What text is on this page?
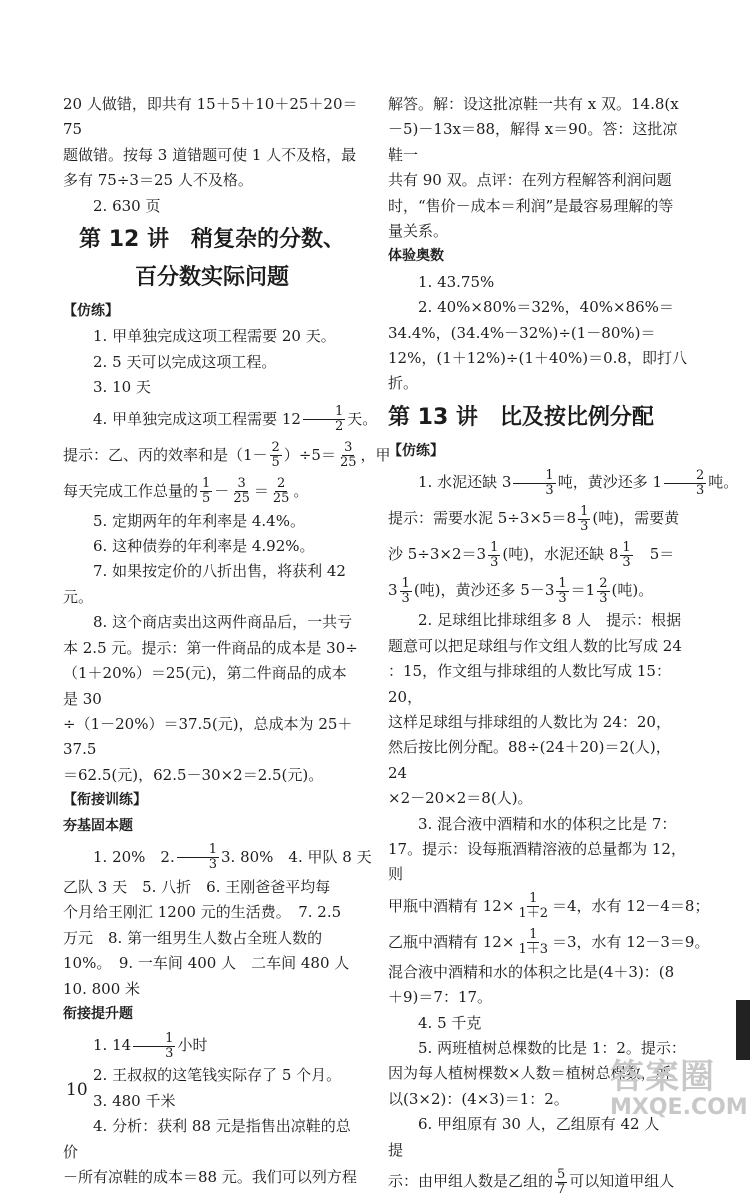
20 人做错，即共有 15＋5＋10＋25＋20＝75

题做错。按每 3 道错题可使 1 人不及格，最

多有 75÷3＝25 人不及格。

2. 630 页

第 12 讲　稍复杂的分数、
百分数实际问题

【仿练】

1. 甲单独完成这项工程需要 20 天。

2. 5 天可以完成这项工程。

3. 10 天

4. 甲单独完成这项工程需要 $12 \frac{1}{2}$ 天。

提示：乙、丙的效率和是$(1- \frac{2}{5} )\div 5= \frac{3}{25}$ ，甲

每天完成工作总量的 $\frac{1}{5} - \frac{3}{25} = \frac{2}{25}$ 。

5. 定期两年的年利率是 4.4%。

6. 这种债券的年利率是 4.92%。

7. 如果按定价的八折出售，将获利 42

元。

8. 这个商店卖出这两件商品后，一共亏

本 2.5 元。提示：第一件商品的成本是 30÷

（1＋20%）＝25(元)，第二件商品的成本是 30

÷（1－20%）＝37.5(元)，总成本为 25＋37.5

＝62.5(元)，62.5－30×2＝2.5(元)。

【衔接训练】

夯基固本题

1. 20%　2. $\frac{1}{3} 3$. 80%　4. 甲队 8 天

乙队 3 天　5. 八折　6. 王刚爸爸平均每

个月给王刚汇 1200 元的生活费。　7. 2.5

万元　8. 第一组男生人数占全班人数的

10%。　9. 一车间 400 人　二车间 480 人

10. 800 米

衔接提升题

1. $14 \frac{1}{3}$ 小时

2. 王叔叔的这笔钱实际存了 5 个月。

3. 480 千米

4. 分析：获利 88 元是指售出凉鞋的总价

－所有凉鞋的成本＝88 元。我们可以列方程

解答。解：设这批凉鞋一共有 x 双。14.8(x

－5)－13x＝88，解得 x＝90。答：这批凉鞋一

共有 90 双。点评：在列方程解答利润问题

时，“售价－成本＝利润”是最容易理解的等

量关系。

体验奥数

1. 43.75%

2. 40%×80%＝32%，40%×86%＝

34.4%，(34.4%－32%)÷(1－80%)＝

12%，(1＋12%)÷(1＋40%)＝0.8，即打八

折。

第 13 讲　比及按比例分配

【仿练】

1. 水泥还缺 $3 \frac{1}{3}$ 吨，黄沙还多 $1 \frac{2}{3}$ 吨。

提示：需要水泥 $5\div 3\times 5=8 \frac{1}{3}$ (吨)，需要黄

沙 $5\div 3\times 2=3 \frac{1}{3}$ (吨)，水泥还缺 $8 \frac{1}{3}$ 　5＝

$3 \frac{1}{3}$ (吨)，黄沙还多 $5-3 \frac{1}{3} =1 \frac{2}{3}$ (吨)。

2. 足球组比排球组多 8 人　提示：根据

题意可以把足球组与作文组人数的比写成 24

：15，作文组与排球组的人数比写成 15：20，

这样足球组与排球组的人数比为 24：20，

然后按比例分配。88÷(24＋20)＝2(人)，24

×2－20×2＝8(人)。

3. 混合液中酒精和水的体积之比是 7：

17。提示：设每瓶酒精溶液的总量都为 12，则

甲瓶中酒精有 $12\times \frac{1}{1+2} =4$，水有 12－4＝8；

乙瓶中酒精有 $12\times \frac{1}{1+3} =3$，水有 12－3＝9。

混合液中酒精和水的体积之比是(4＋3)：(8

＋9)＝7：17。

4. 5 千克

5. 两班植树总棵数的比是 1：2。提示：

因为每人植树棵数×人数＝植树总棵数，所

以(3×2)：(4×3)＝1：2。

6. 甲组原有 30 人，乙组原有 42 人　提

示：由甲组人数是乙组的 $\frac{5}{7}$ 可以知道甲组人

10	答案圈
MXQE.COM
